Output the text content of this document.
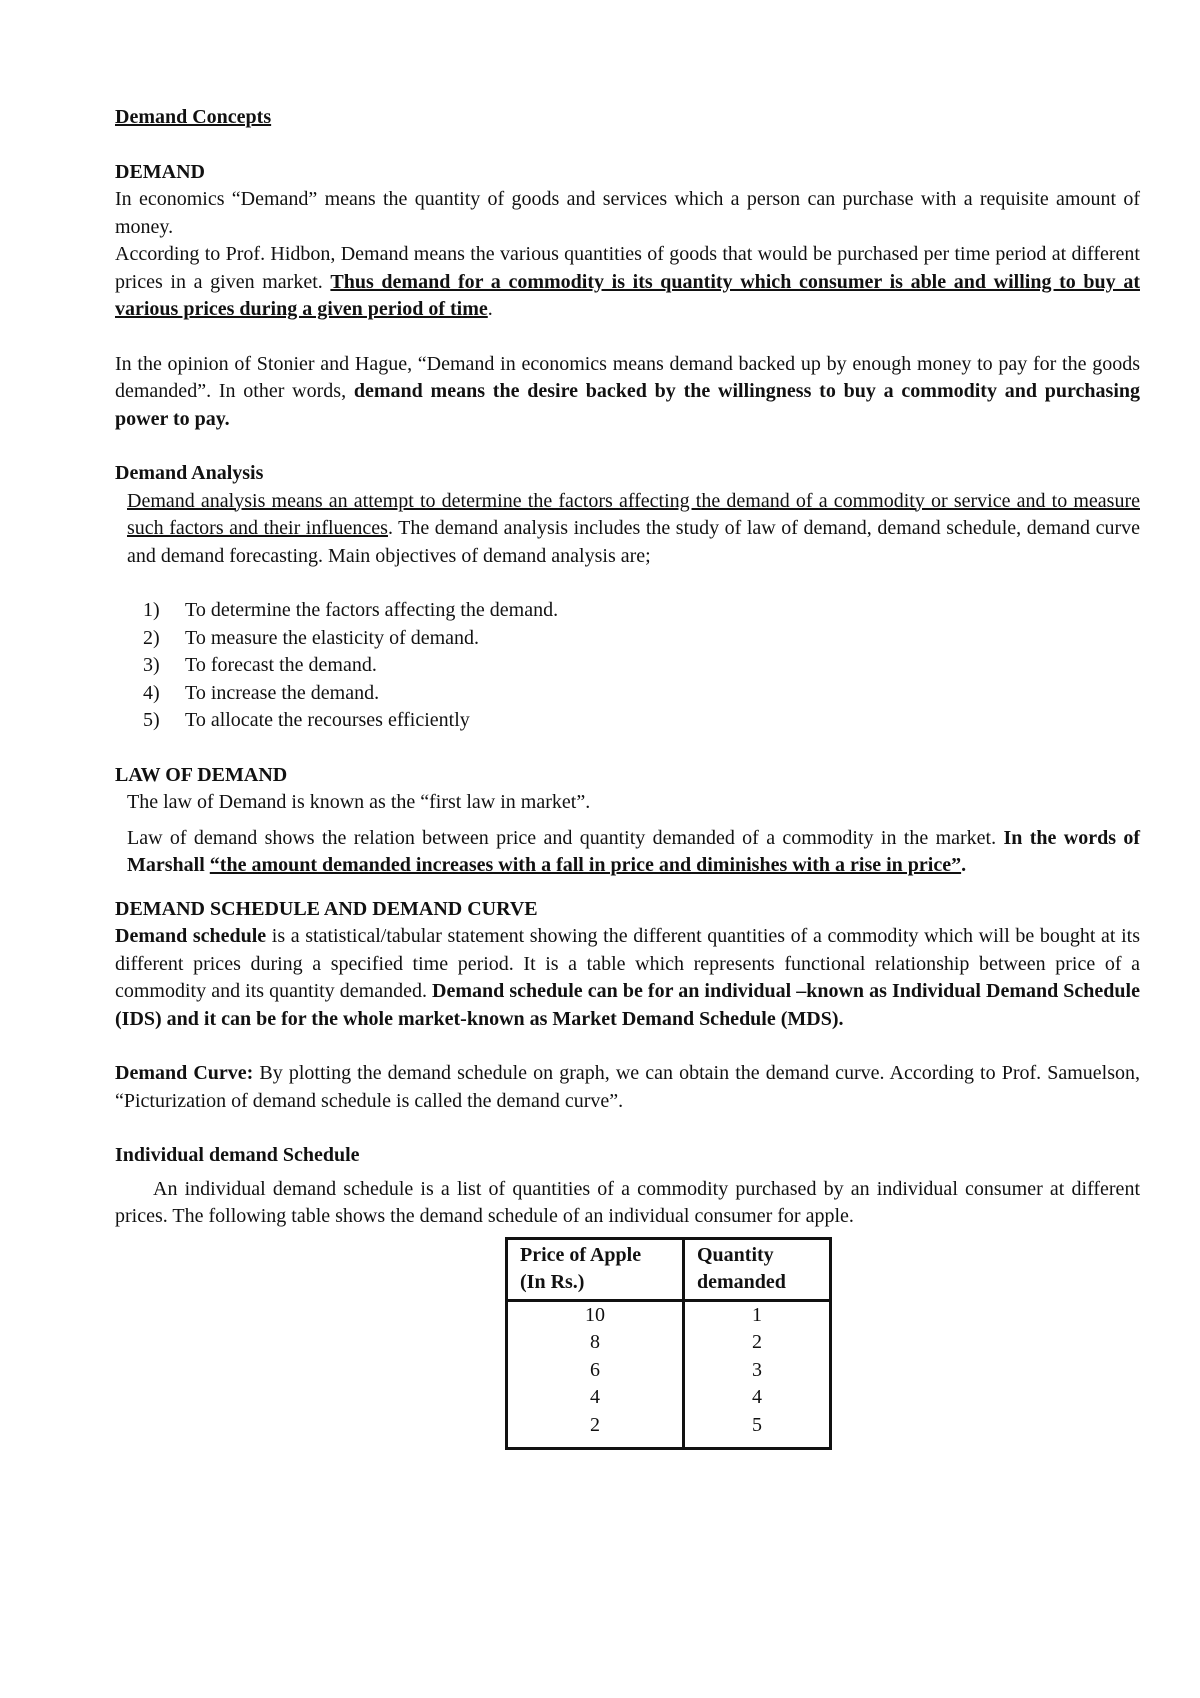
Demand Concepts

DEMAND

In economics “Demand” means the quantity of goods and services which a person can purchase with a requisite amount of money.

According to Prof. Hidbon, Demand means the various quantities of goods that would be purchased per time period at different prices in a given market. Thus demand for a commodity is its quantity which consumer is able and willing to buy at various prices during a given period of time.

In the opinion of Stonier and Hague, “Demand in economics means demand backed up by enough money to pay for the goods demanded”. In other words, demand means the desire backed by the willingness to buy a commodity and purchasing power to pay.

Demand Analysis

Demand analysis means an attempt to determine the factors affecting the demand of a commodity or service and to measure such factors and their influences. The demand analysis includes the study of law of demand, demand schedule, demand curve and demand forecasting. Main objectives of demand analysis are;

1)	To determine the factors affecting the demand.
2)	To measure the elasticity of demand.
3)	To forecast the demand.
4)	To increase the demand.
5)	To allocate the recourses efficiently

LAW OF DEMAND

The law of Demand is known as the “first law in market”.

Law of demand shows the relation between price and quantity demanded of a commodity in the market. In the words of Marshall “the amount demanded increases with a fall in price and diminishes with a rise in price”.

DEMAND SCHEDULE AND DEMAND CURVE

Demand schedule is a statistical/tabular statement showing the different quantities of a commodity which will be bought at its different prices during a specified time period. It is a table which represents functional relationship between price of a commodity and its quantity demanded. Demand schedule can be for an individual –known as Individual Demand Schedule (IDS) and it can be for the whole market-known as Market Demand Schedule (MDS).

Demand Curve: By plotting the demand schedule on graph, we can obtain the demand curve. According to Prof. Samuelson, “Picturization of demand schedule is called the demand curve”.

Individual demand Schedule

An individual demand schedule is a list of quantities of a commodity purchased by an individual consumer at different prices. The following table shows the demand schedule of an individual consumer for apple.

Price of Apple
(In Rs.)	Quantity
demanded

10	1
8	2
6	3
4	4
2	5
